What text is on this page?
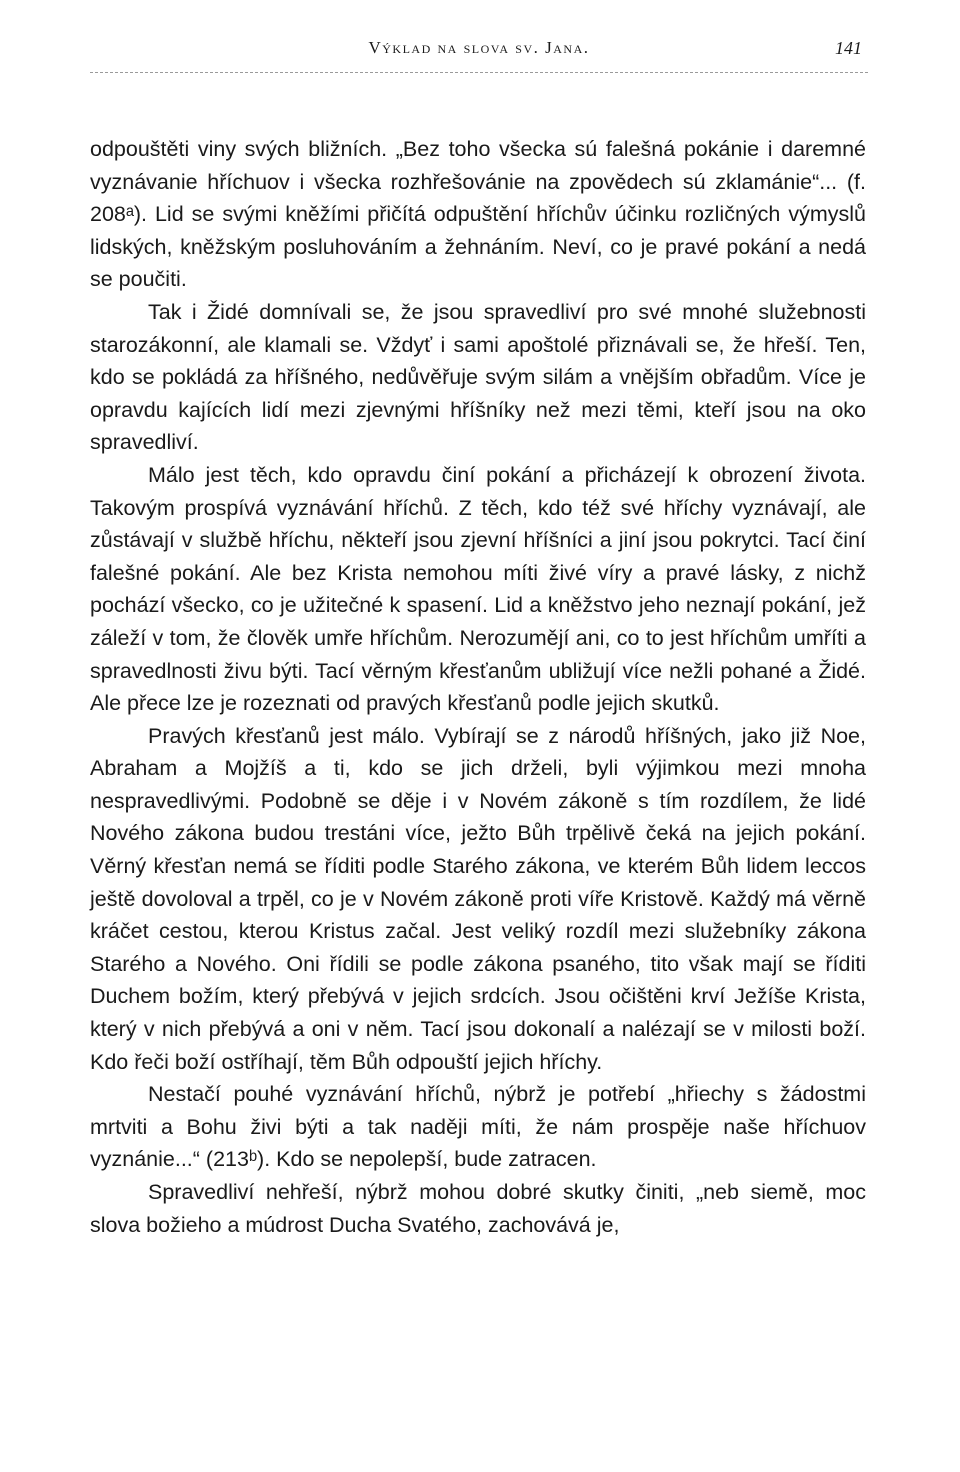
Výklad na slova sv. Jana.	141

odpouštěti viny svých bližních. „Bez toho všecka sú falešná pokánie i daremné vyznávanie hříchuov i všecka rozhřešovánie na zpovědech sú zklamánie“... (f. 208ᵃ). Lid se svými kněžími přičítá odpuštění hříchův účinku rozličných výmyslů lidských, kněžským posluhováním a žehnáním. Neví, co je pravé pokání a nedá se poučiti.

Tak i Židé domnívali se, že jsou spravedliví pro své mnohé služebnosti starozákonní, ale klamali se. Vždyť i sami apoštolé přiznávali se, že hřeší. Ten, kdo se pokládá za hříšného, nedůvěřuje svým silám a vnějším obřadům. Více je opravdu kajících lidí mezi zjevnými hříšníky než mezi těmi, kteří jsou na oko spravedliví.

Málo jest těch, kdo opravdu činí pokání a přicházejí k obrození života. Takovým prospívá vyznávání hříchů. Z těch, kdo též své hříchy vyznávají, ale zůstávají v službě hříchu, někteří jsou zjevní hříšníci a jiní jsou pokrytci. Tací činí falešné pokání. Ale bez Krista nemohou míti živé víry a pravé lásky, z nichž pochází všecko, co je užitečné k spasení. Lid a kněžstvo jeho neznají pokání, jež záleží v tom, že člověk umře hříchům. Nerozumějí ani, co to jest hříchům umříti a spravedlnosti živu býti. Tací věrným křesťanům ubližují více nežli pohané a Židé. Ale přece lze je rozeznati od pravých křesťanů podle jejich skutků.

Pravých křesťanů jest málo. Vybírají se z národů hříšných, jako již Noe, Abraham a Mojžíš a ti, kdo se jich drželi, byli výjimkou mezi mnoha nespravedlivými. Podobně se děje i v Novém zákoně s tím rozdílem, že lidé Nového zákona budou trestáni více, ježto Bůh trpělivě čeká na jejich pokání. Věrný křesťan nemá se říditi podle Starého zákona, ve kterém Bůh lidem leccos ještě dovoloval a trpěl, co je v Novém zákoně proti víře Kristově. Každý má věrně kráčet cestou, kterou Kristus začal. Jest veliký rozdíl mezi služebníky zákona Starého a Nového. Oni řídili se podle zákona psaného, tito však mají se říditi Duchem božím, který přebývá v jejich srdcích. Jsou očištěni krví Ježíše Krista, který v nich přebývá a oni v něm. Tací jsou dokonalí a nalézají se v milosti boží. Kdo řeči boží ostříhají, těm Bůh odpouští jejich hříchy.

Nestačí pouhé vyznávání hříchů, nýbrž je potřebí „hřiechy s žádostmi mrtviti a Bohu živi býti a tak naději míti, že nám prospěje naše hříchuov vyznánie...“ (213ᵇ). Kdo se nepolepší, bude zatracen.

Spravedliví nehřeší, nýbrž mohou dobré skutky činiti, „neb siemě, moc slova božieho a múdrost Ducha Svatého, zachovává je,
